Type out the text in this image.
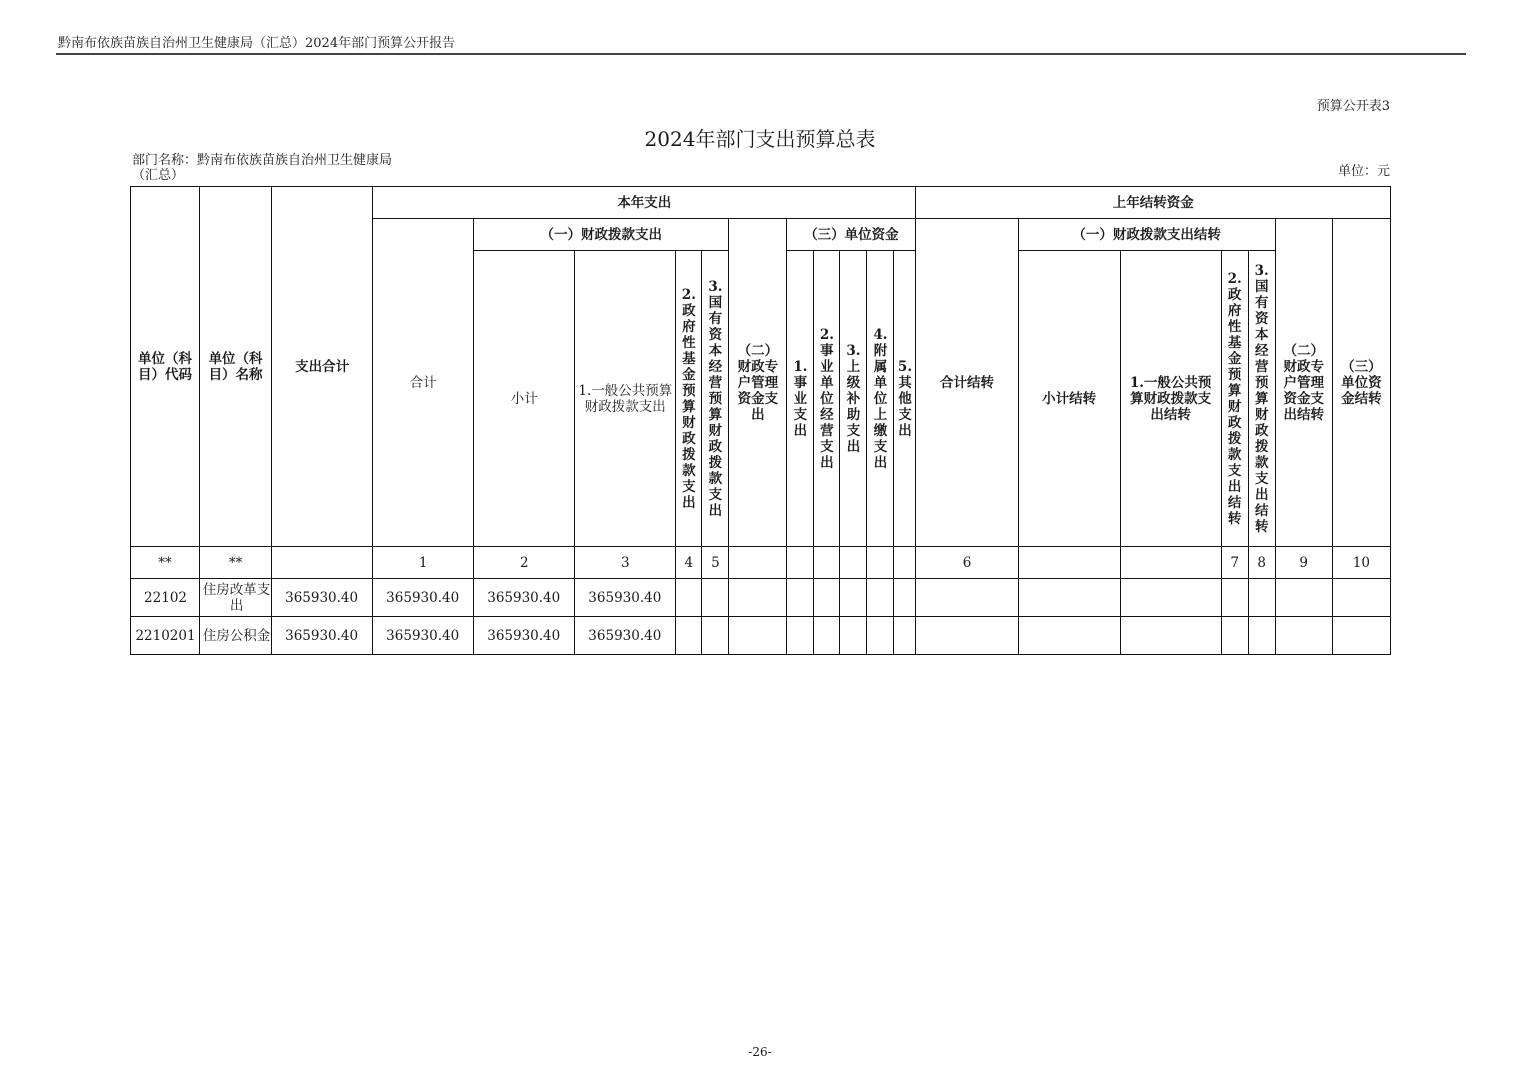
黔南布依族苗族自治州卫生健康局（汇总）2024年部门预算公开报告
预算公开表3
2024年部门支出预算总表
部门名称：黔南布依族苗族自治州卫生健康局（汇总）	单位：元
单位（科目）代码	单位（科目）名称	支出合计	本年支出											上年结转资金						
			合计	（一）财政拨款支出				（二）财政专户管理资金支出	（三）单位资金					合计结转	（一）财政拨款支出结转				（二）财政专户管理资金支出结转	（三）单位资金结转
				小计	1.一般公共预算财政拨款支出	2.政府性基金预算财政拨款支出	3.国有资本经营预算财政拨款支出		1.事业支出	2.事业单位经营支出	3.上级补助支出	4.附属单位上缴支出	5.其他支出		小计结转	1.一般公共预算财政拨款支出结转	2.政府性基金预算财政拨款支出结转	3.国有资本经营预算财政拨款支出结转		
**	**		1	2	3	4	5							6			7	8	9	10
22102	住房改革支出	365930.40	365930.40	365930.40	365930.40															
2210201	住房公积金	365930.40	365930.40	365930.40	365930.40															
-26-
